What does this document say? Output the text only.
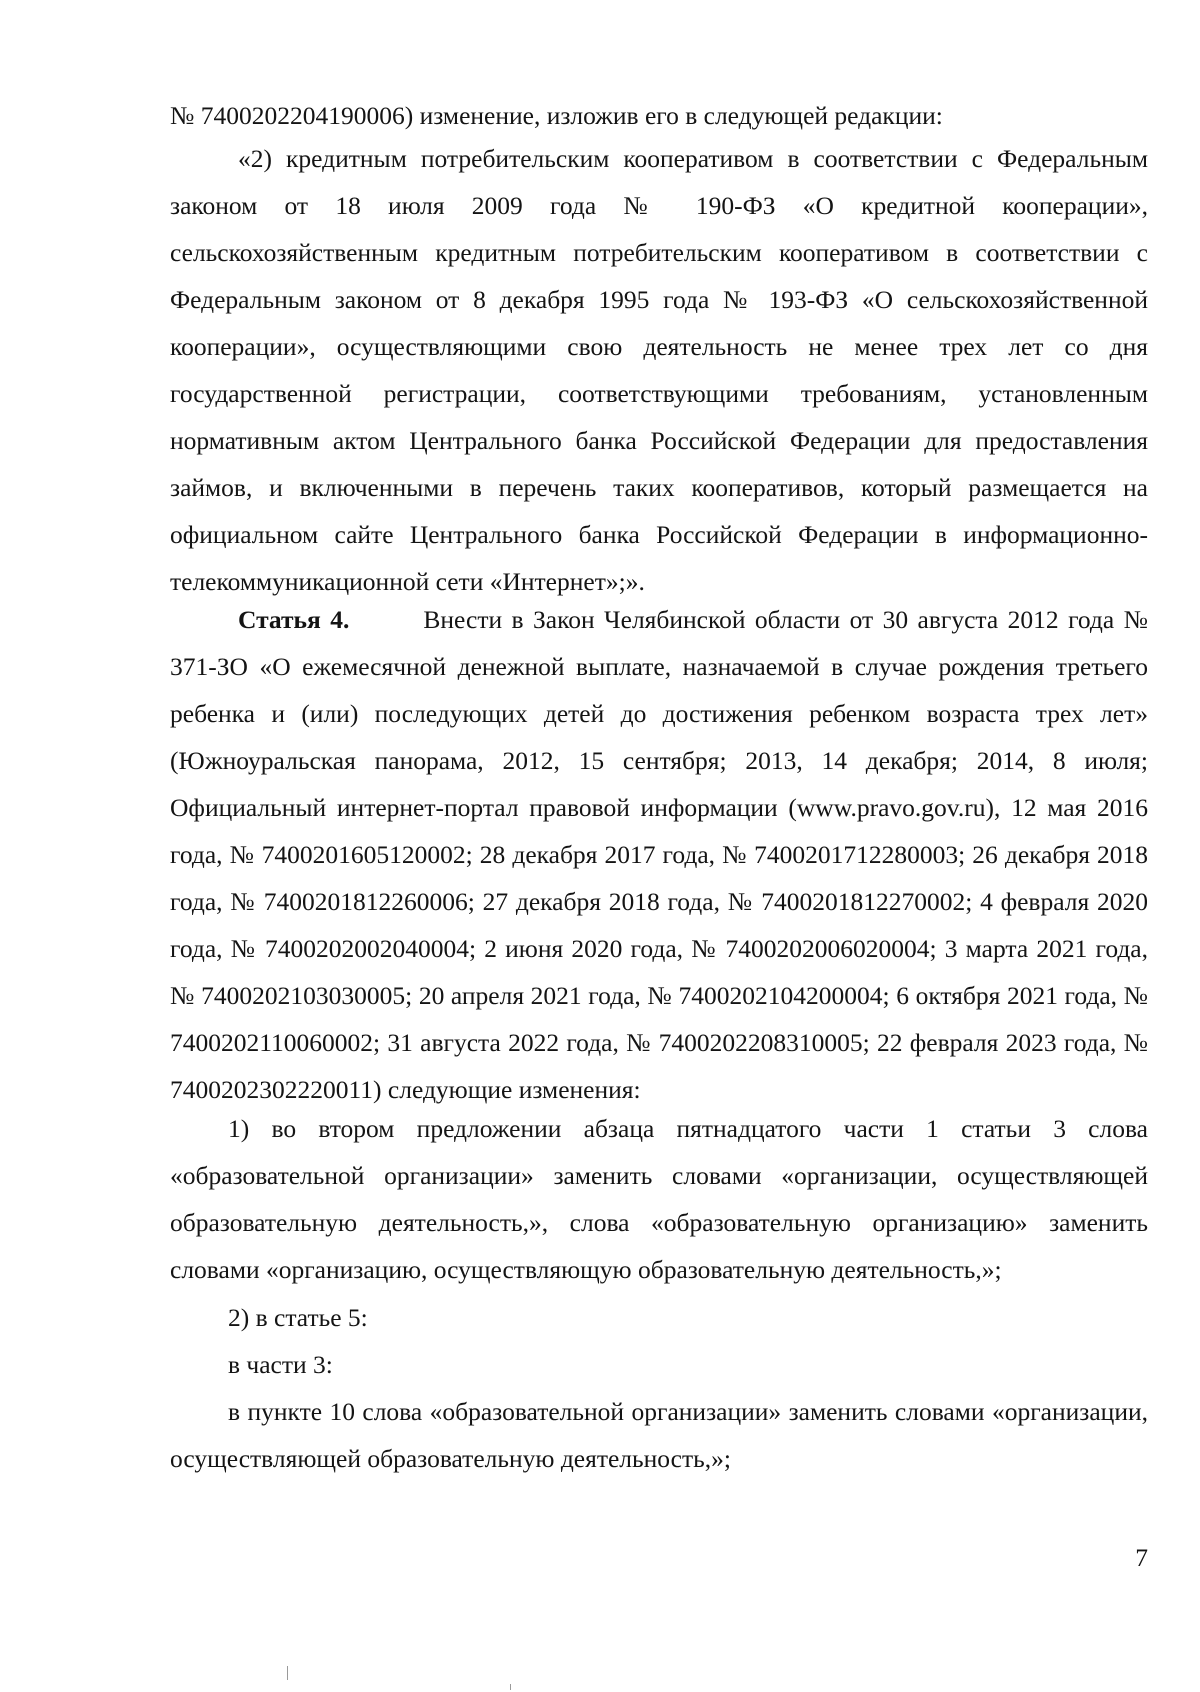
№ 7400202204190006) изменение, изложив его в следующей редакции:

«2) кредитным потребительским кооперативом в соответствии с Федеральным законом от 18 июля 2009 года № 190-ФЗ «О кредитной кооперации», сельскохозяйственным кредитным потребительским кооперативом в соответствии с Федеральным законом от 8 декабря 1995 года № 193-ФЗ «О сельскохозяйственной кооперации», осуществляющими свою деятельность не менее трех лет со дня государственной регистрации, соответствующими требованиям, установленным нормативным актом Центрального банка Российской Федерации для предоставления займов, и включенными в перечень таких кооперативов, который размещается на официальном сайте Центрального банка Российской Федерации в информационно-телекоммуникационной сети «Интернет»;».

Статья 4.	Внести в Закон Челябинской области от 30 августа 2012 года № 371-ЗО «О ежемесячной денежной выплате, назначаемой в случае рождения третьего ребенка и (или) последующих детей до достижения ребенком возраста трех лет» (Южноуральская панорама, 2012, 15 сентября; 2013, 14 декабря; 2014, 8 июля; Официальный интернет-портал правовой информации (www.pravo.gov.ru), 12 мая 2016 года, № 7400201605120002; 28 декабря 2017 года, № 7400201712280003; 26 декабря 2018 года, № 7400201812260006; 27 декабря 2018 года, № 7400201812270002; 4 февраля 2020 года, № 7400202002040004; 2 июня 2020 года, № 7400202006020004; 3 марта 2021 года, № 7400202103030005; 20 апреля 2021 года, № 7400202104200004; 6 октября 2021 года, № 7400202110060002; 31 августа 2022 года, № 7400202208310005; 22 февраля 2023 года, № 7400202302220011) следующие изменения:

1) во втором предложении абзаца пятнадцатого части 1 статьи 3 слова «образовательной организации» заменить словами «организации, осуществляющей образовательную деятельность,», слова «образовательную организацию» заменить словами «организацию, осуществляющую образовательную деятельность,»;

2) в статье 5:

в части 3:

в пункте 10 слова «образовательной организации» заменить словами «организации, осуществляющей образовательную деятельность,»;

7
